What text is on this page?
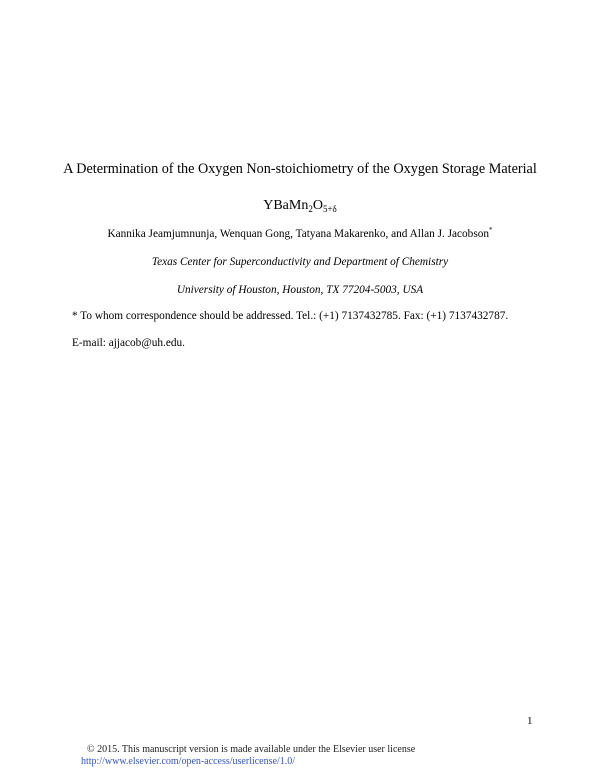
A Determination of the Oxygen Non-stoichiometry of the Oxygen Storage Material
$YBaMn_2O_{5+\delta}$
Kannika Jeamjumnunja, Wenquan Gong, Tatyana Makarenko, and Allan J. Jacobson*
Texas Center for Superconductivity and Department of Chemistry
University of Houston, Houston, TX 77204-5003, USA
* To whom correspondence should be addressed. Tel.: (+1) 7137432785. Fax: (+1) 7137432787.
E-mail: ajjacob@uh.edu.
1
© 2015. This manuscript version is made available under the Elsevier user license
http://www.elsevier.com/open-access/userlicense/1.0/
